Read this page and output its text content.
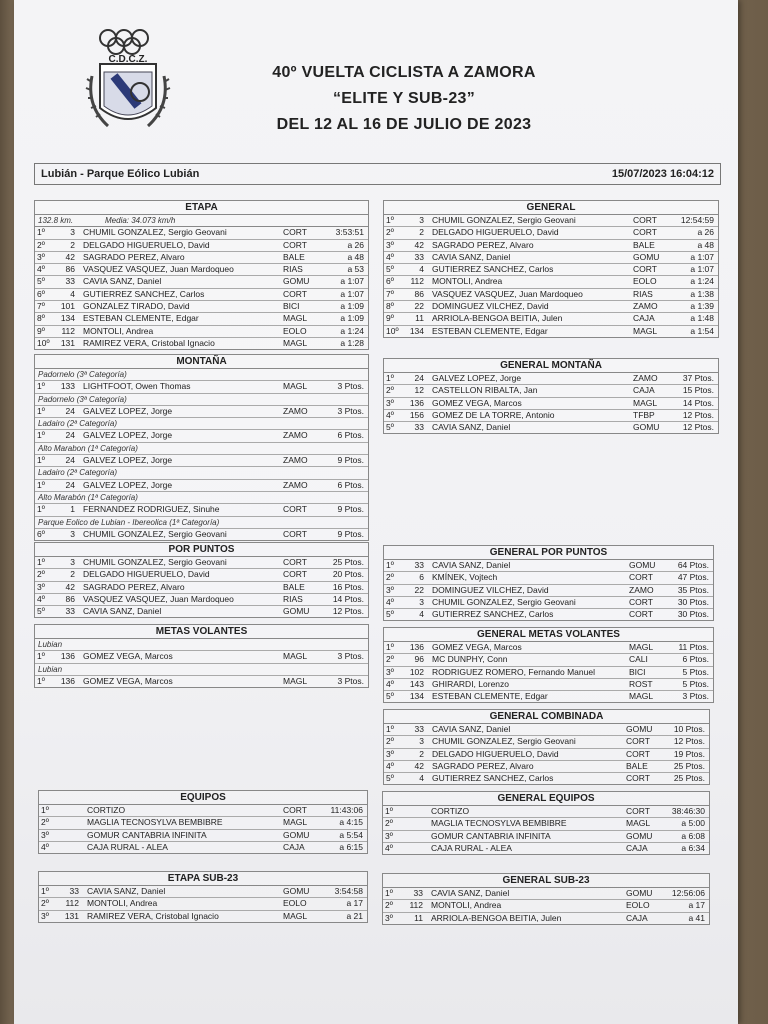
C.D.C.Z.
40º VUELTA CICLISTA A ZAMORA
“ELITE Y SUB-23”
DEL 12 AL 16 DE JULIO DE 2023
Lubián - Parque Eólico Lubián	15/07/2023 16:04:12
ETAPA
132.8 km.	Media: 34.073 km/h
1º	3 CHUMIL GONZALEZ, Sergio Geovani	CORT	3:53:51
2º	2 DELGADO HIGUERUELO, David	CORT	a 26
3º	42 SAGRADO PEREZ, Alvaro	BALE	a 48
4º	86 VASQUEZ VASQUEZ, Juan Mardoqueo	RIAS	a 53
5º	33 CAVIA SANZ, Daniel	GOMU	a 1:07
6º	4 GUTIERREZ SANCHEZ, Carlos	CORT	a 1:07
7º	101 GONZALEZ TIRADO, David	BICI	a 1:09
8º	134 ESTEBAN CLEMENTE, Edgar	MAGL	a 1:09
9º	112 MONTOLI, Andrea	EOLO	a 1:24
10º	131 RAMIREZ VERA, Cristobal Ignacio	MAGL	a 1:28
GENERAL
1º	3 CHUMIL GONZALEZ, Sergio Geovani	CORT	12:54:59
2º	2 DELGADO HIGUERUELO, David	CORT	a 26
3º	42 SAGRADO PEREZ, Alvaro	BALE	a 48
4º	33 CAVIA SANZ, Daniel	GOMU	a 1:07
5º	4 GUTIERREZ SANCHEZ, Carlos	CORT	a 1:07
6º	112 MONTOLI, Andrea	EOLO	a 1:24
7º	86 VASQUEZ VASQUEZ, Juan Mardoqueo	RIAS	a 1:38
8º	22 DOMINGUEZ VILCHEZ, David	ZAMO	a 1:39
9º	11 ARRIOLA-BENGOA BEITIA, Julen	CAJA	a 1:48
10º	134 ESTEBAN CLEMENTE, Edgar	MAGL	a 1:54
MONTAÑA
Padornelo (3ª Categoría)
1º	133 LIGHTFOOT, Owen Thomas	MAGL	3 Ptos.
Padornelo (3ª Categoría)
1º	24 GALVEZ LOPEZ, Jorge	ZAMO	3 Ptos.
Ladairo (2ª Categoría)
1º	24 GALVEZ LOPEZ, Jorge	ZAMO	6 Ptos.
Alto Marabon (1ª Categoría)
1º	24 GALVEZ LOPEZ, Jorge	ZAMO	9 Ptos.
Ladairo (2ª Categoría)
1º	24 GALVEZ LOPEZ, Jorge	ZAMO	6 Ptos.
Alto Marabón (1ª Categoría)
1º	1 FERNANDEZ RODRIGUEZ, Sinuhe	CORT	9 Ptos.
Parque Eolico de Lubian - Ibereolica (1ª Categoría)
6º	3 CHUMIL GONZALEZ, Sergio Geovani	CORT	9 Ptos.
GENERAL MONTAÑA
1º	24 GALVEZ LOPEZ, Jorge	ZAMO	37 Ptos.
2º	12 CASTELLON RIBALTA, Jan	CAJA	15 Ptos.
3º	136 GOMEZ VEGA, Marcos	MAGL	14 Ptos.
4º	156 GOMEZ DE LA TORRE, Antonio	TFBP	12 Ptos.
5º	33 CAVIA SANZ, Daniel	GOMU	12 Ptos.
POR PUNTOS
1º	3 CHUMIL GONZALEZ, Sergio Geovani	CORT	25 Ptos.
2º	2 DELGADO HIGUERUELO, David	CORT	20 Ptos.
3º	42 SAGRADO PEREZ, Alvaro	BALE	16 Ptos.
4º	86 VASQUEZ VASQUEZ, Juan Mardoqueo	RIAS	14 Ptos.
5º	33 CAVIA SANZ, Daniel	GOMU	12 Ptos.
GENERAL POR PUNTOS
1º	33 CAVIA SANZ, Daniel	GOMU	64 Ptos.
2º	6 KMÍNEK, Vojtech	CORT	47 Ptos.
3º	22 DOMINGUEZ VILCHEZ, David	ZAMO	35 Ptos.
4º	3 CHUMIL GONZALEZ, Sergio Geovani	CORT	30 Ptos.
5º	4 GUTIERREZ SANCHEZ, Carlos	CORT	30 Ptos.
METAS VOLANTES
Lubian
1º	136 GOMEZ VEGA, Marcos	MAGL	3 Ptos.
Lubian
1º	136 GOMEZ VEGA, Marcos	MAGL	3 Ptos.
GENERAL METAS VOLANTES
1º	136 GOMEZ VEGA, Marcos	MAGL	11 Ptos.
2º	96 MC DUNPHY, Conn	CALI	6 Ptos.
3º	102 RODRIGUEZ ROMERO, Fernando Manuel	BICI	5 Ptos.
4º	143 GHIRARDI, Lorenzo	ROST	5 Ptos.
5º	134 ESTEBAN CLEMENTE, Edgar	MAGL	3 Ptos.
GENERAL COMBINADA
1º	33 CAVIA SANZ, Daniel	GOMU	10 Ptos.
2º	3 CHUMIL GONZALEZ, Sergio Geovani	CORT	12 Ptos.
3º	2 DELGADO HIGUERUELO, David	CORT	19 Ptos.
4º	42 SAGRADO PEREZ, Alvaro	BALE	25 Ptos.
5º	4 GUTIERREZ SANCHEZ, Carlos	CORT	25 Ptos.
EQUIPOS
1º	CORTIZO	CORT	11:43:06
2º	MAGLIA TECNOSYLVA BEMBIBRE	MAGL	a 4:15
3º	GOMUR CANTABRIA INFINITA	GOMU	a 5:54
4º	CAJA RURAL - ALEA	CAJA	a 6:15
GENERAL EQUIPOS
1º	CORTIZO	CORT	38:46:30
2º	MAGLIA TECNOSYLVA BEMBIBRE	MAGL	a 5:00
3º	GOMUR CANTABRIA INFINITA	GOMU	a 6:08
4º	CAJA RURAL - ALEA	CAJA	a 6:34
ETAPA SUB-23
1º	33 CAVIA SANZ, Daniel	GOMU	3:54:58
2º	112 MONTOLI, Andrea	EOLO	a 17
3º	131 RAMIREZ VERA, Cristobal Ignacio	MAGL	a 21
GENERAL SUB-23
1º	33 CAVIA SANZ, Daniel	GOMU 12:56:06
2º	112 MONTOLI, Andrea	EOLO	a 17
3º	11 ARRIOLA-BENGOA BEITIA, Julen	CAJA	a 41
